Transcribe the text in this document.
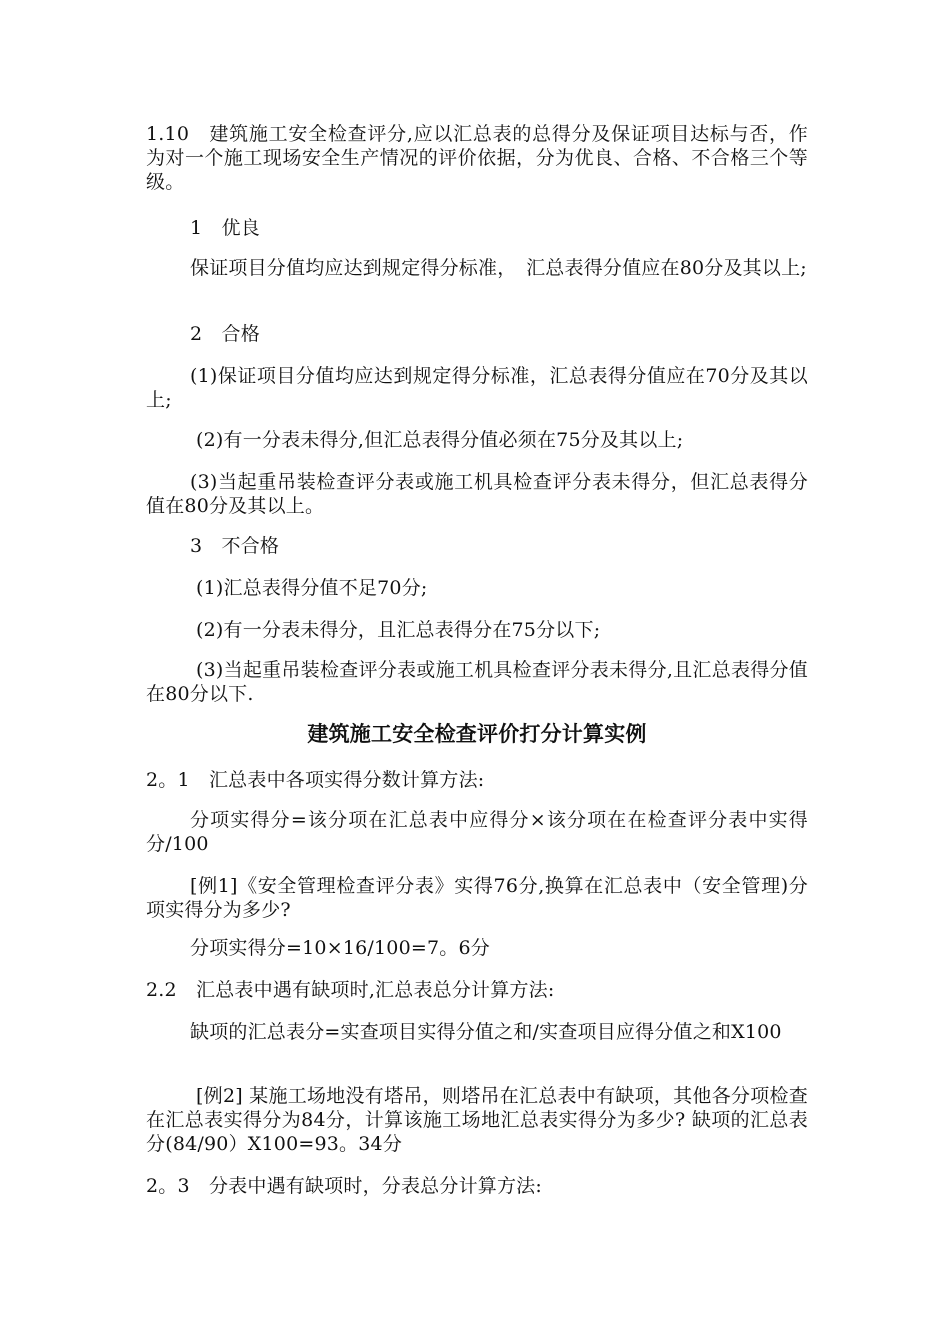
1.10　建筑施工安全检查评分,应以汇总表的总得分及保证项目达标与否，作为对一个施工现场安全生产情况的评价依据，分为优良、合格、不合格三个等级。

1　优良

保证项目分值均应达到规定得分标准，　汇总表得分值应在80分及其以上;

2　合格

(1)保证项目分值均应达到规定得分标准，汇总表得分值应在70分及其以上;

(2)有一分表未得分,但汇总表得分值必须在75分及其以上;

(3)当起重吊装检查评分表或施工机具检查评分表未得分，但汇总表得分值在80分及其以上。

3　不合格

(1)汇总表得分值不足70分;

(2)有一分表未得分，且汇总表得分在75分以下;

(3)当起重吊装检查评分表或施工机具检查评分表未得分,且汇总表得分值在80分以下.

建筑施工安全检查评价打分计算实例

2。1　汇总表中各项实得分数计算方法:

分项实得分=该分项在汇总表中应得分×该分项在在检查评分表中实得分/100

[例1]《安全管理检查评分表》实得76分,换算在汇总表中（安全管理)分项实得分为多少?

分项实得分=10×16/100=7。6分

2.2　汇总表中遇有缺项时,汇总表总分计算方法:

缺项的汇总表分=实查项目实得分值之和/实查项目应得分值之和X100

[例2] 某施工场地没有塔吊，则塔吊在汇总表中有缺项，其他各分项检查在汇总表实得分为84分，计算该施工场地汇总表实得分为多少? 缺项的汇总表分(84/90）X100=93。34分

2。3　分表中遇有缺项时，分表总分计算方法:
